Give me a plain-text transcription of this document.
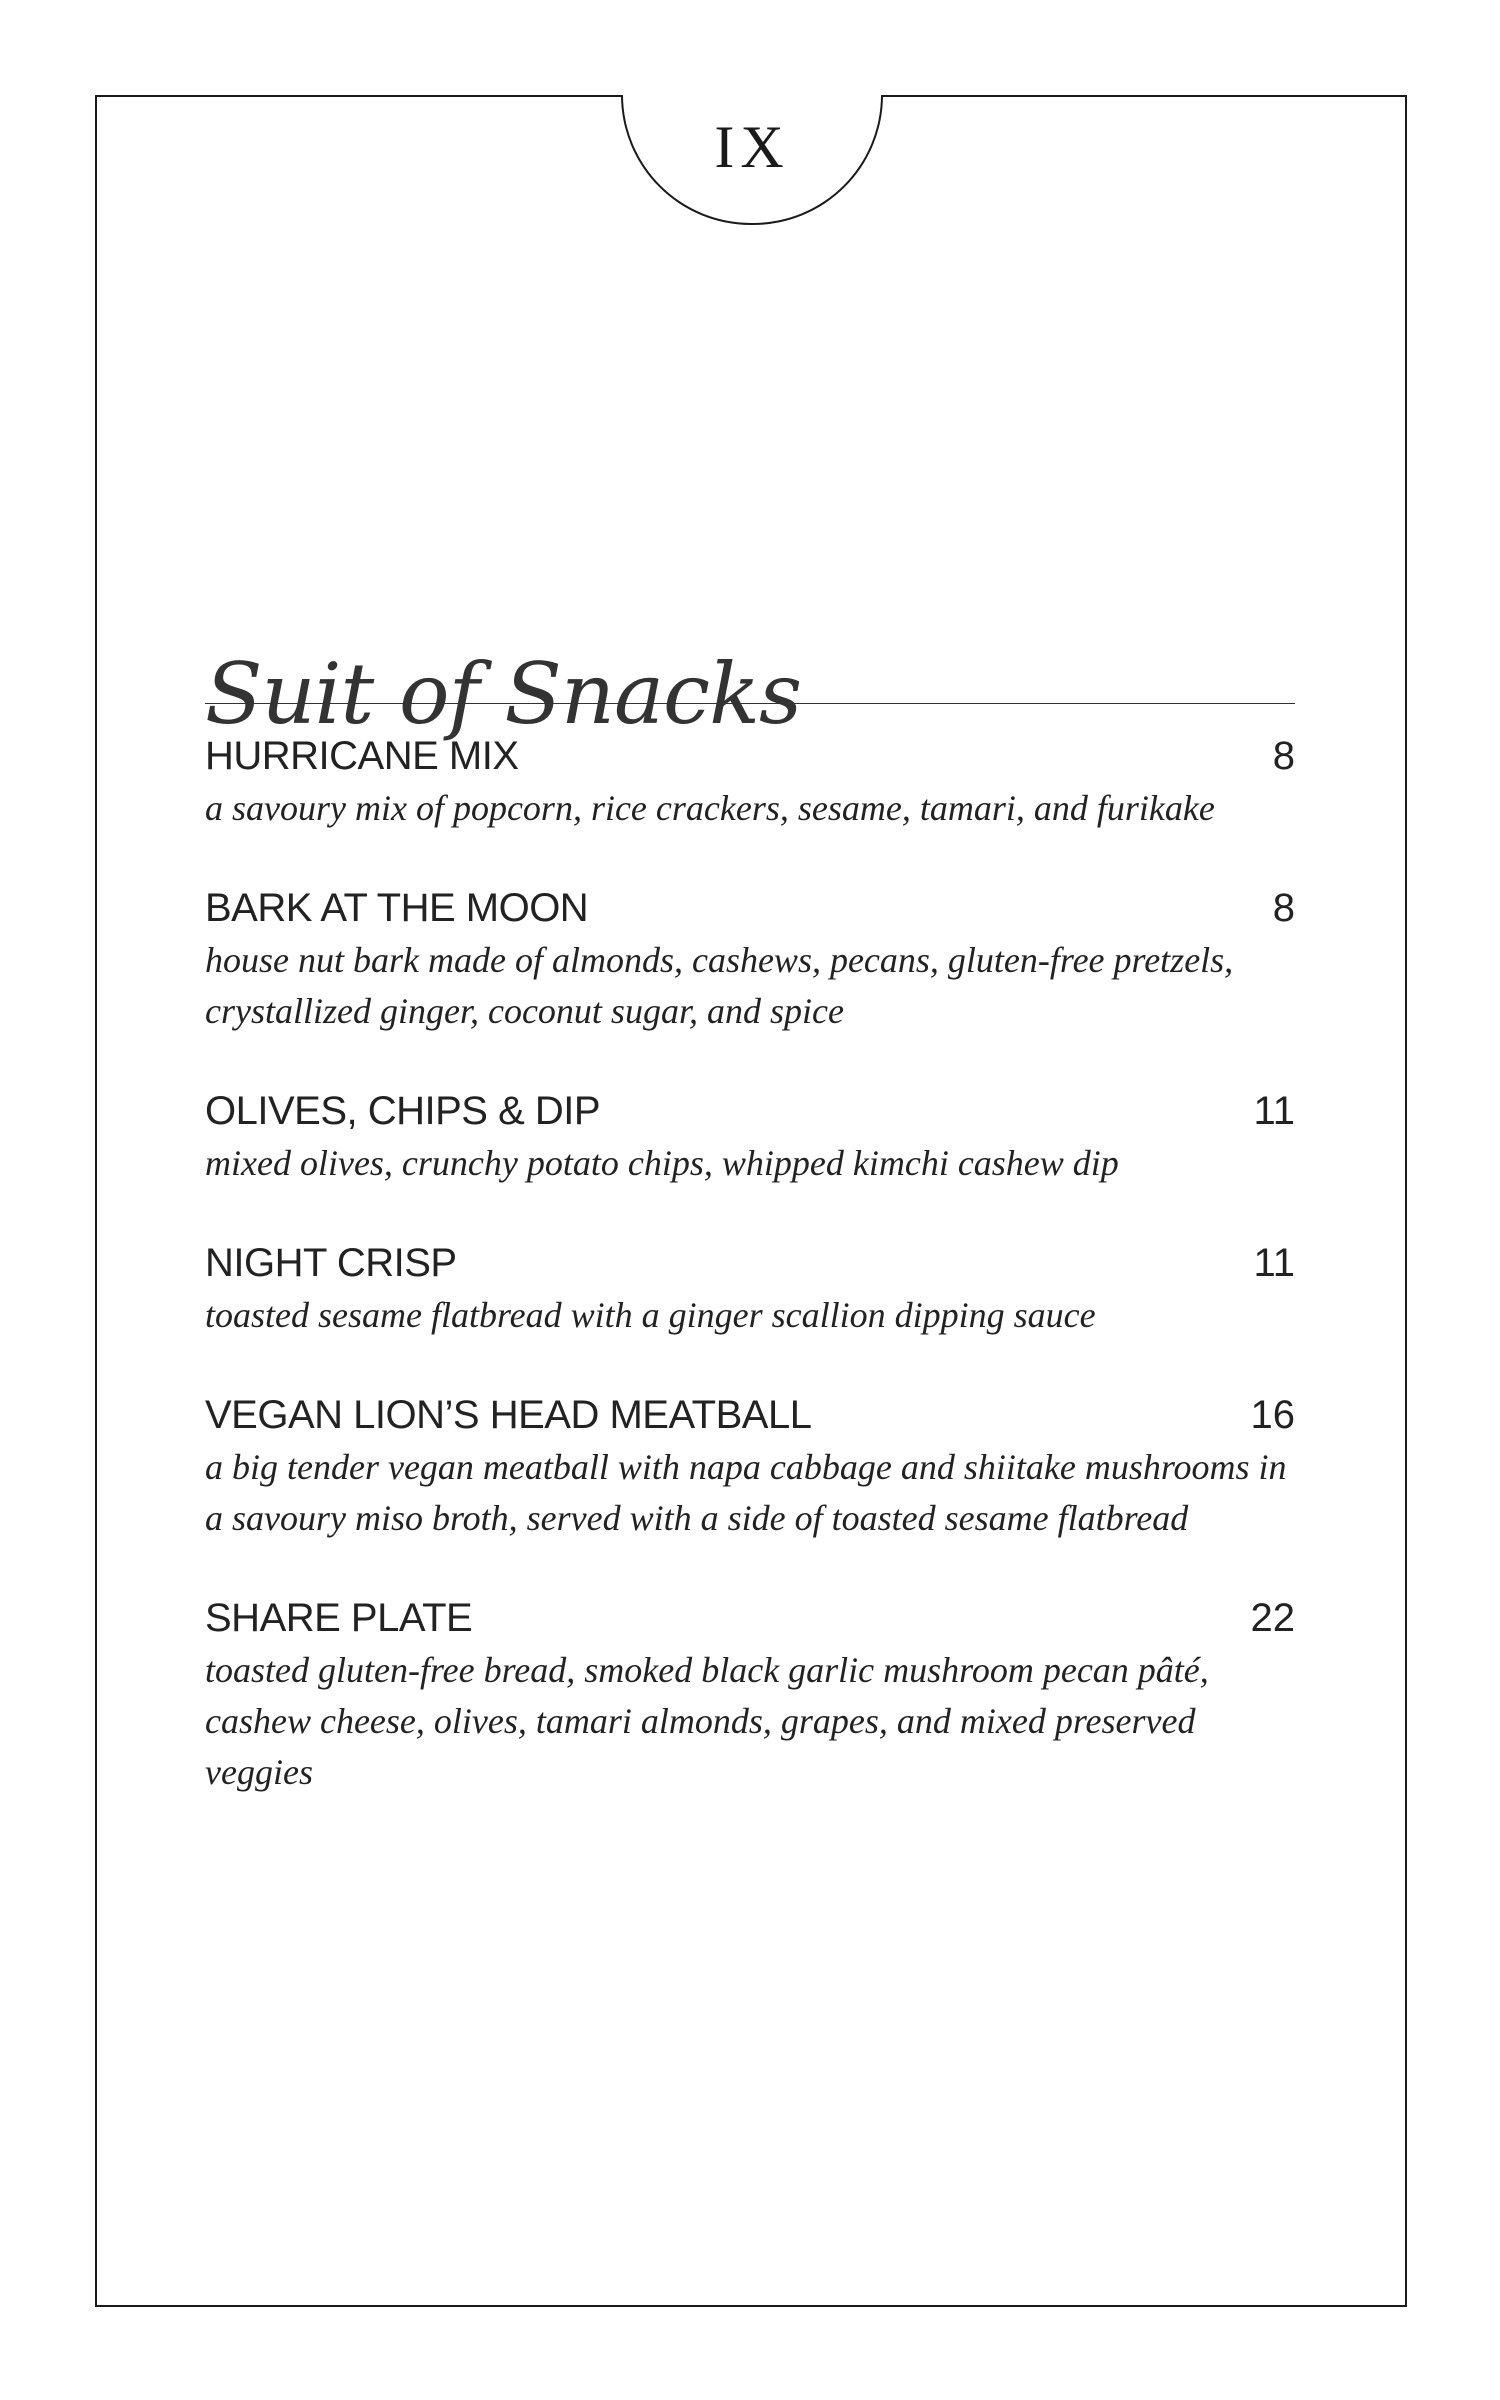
IX
Suit of Snacks
HURRICANE MIX	8
a savoury mix of popcorn, rice crackers, sesame, tamari, and furikake
BARK AT THE MOON	8
house nut bark made of almonds, cashews, pecans, gluten-free pretzels, crystallized ginger, coconut sugar, and spice
OLIVES, CHIPS & DIP	11
mixed olives, crunchy potato chips, whipped kimchi cashew dip
NIGHT CRISP	11
toasted sesame flatbread with a ginger scallion dipping sauce
VEGAN LION’S HEAD MEATBALL	16
a big tender vegan meatball with napa cabbage and shiitake mushrooms in a savoury miso broth, served with a side of toasted sesame flatbread
SHARE PLATE	22
toasted gluten-free bread, smoked black garlic mushroom pecan pâté, cashew cheese, olives, tamari almonds, grapes, and mixed preserved veggies
